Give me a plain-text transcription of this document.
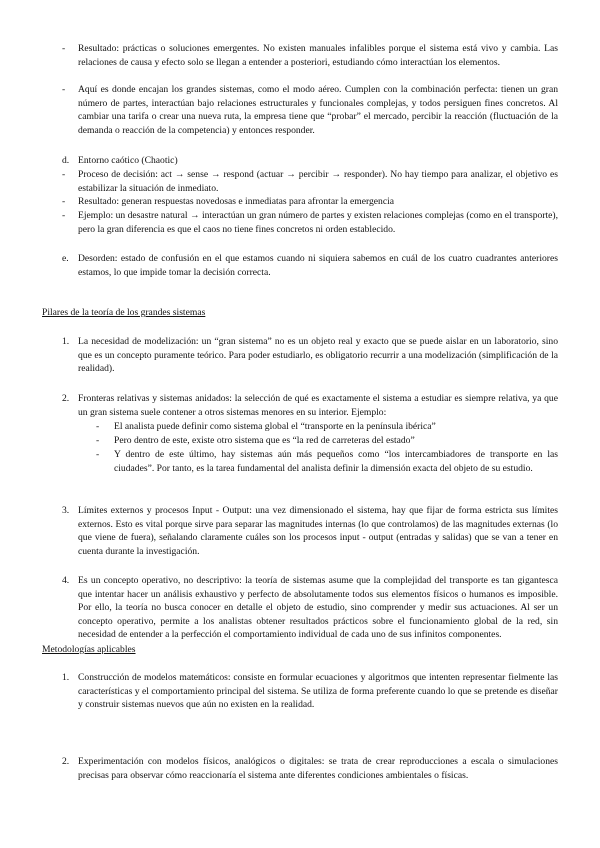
- Resultado: prácticas o soluciones emergentes. No existen manuales infalibles porque el sistema está vivo y cambia. Las relaciones de causa y efecto solo se llegan a entender a posteriori, estudiando cómo interactúan los elementos.
- Aquí es donde encajan los grandes sistemas, como el modo aéreo. Cumplen con la combinación perfecta: tienen un gran número de partes, interactúan bajo relaciones estructurales y funcionales complejas, y todos persiguen fines concretos. Al cambiar una tarifa o crear una nueva ruta, la empresa tiene que “probar” el mercado, percibir la reacción (fluctuación de la demanda o reacción de la competencia) y entonces responder.
d. Entorno caótico (Chaotic)
- Proceso de decisión: act → sense → respond (actuar → percibir → responder). No hay tiempo para analizar, el objetivo es estabilizar la situación de inmediato.
- Resultado: generan respuestas novedosas e inmediatas para afrontar la emergencia
- Ejemplo: un desastre natural → interactúan un gran número de partes y existen relaciones complejas (como en el transporte), pero la gran diferencia es que el caos no tiene fines concretos ni orden establecido.
e. Desorden: estado de confusión en el que estamos cuando ni siquiera sabemos en cuál de los cuatro cuadrantes anteriores estamos, lo que impide tomar la decisión correcta.
Pilares de la teoría de los grandes sistemas
1. La necesidad de modelización: un “gran sistema” no es un objeto real y exacto que se puede aislar en un laboratorio, sino que es un concepto puramente teórico. Para poder estudiarlo, es obligatorio recurrir a una modelización (simplificación de la realidad).
2. Fronteras relativas y sistemas anidados: la selección de qué es exactamente el sistema a estudiar es siempre relativa, ya que un gran sistema suele contener a otros sistemas menores en su interior. Ejemplo:
- El analista puede definir como sistema global el “transporte en la península ibérica”
- Pero dentro de este, existe otro sistema que es “la red de carreteras del estado”
- Y dentro de este último, hay sistemas aún más pequeños como “los intercambiadores de transporte en las ciudades”. Por tanto, es la tarea fundamental del analista definir la dimensión exacta del objeto de su estudio.
3. Límites externos y procesos Input - Output: una vez dimensionado el sistema, hay que fijar de forma estricta sus límites externos. Esto es vital porque sirve para separar las magnitudes internas (lo que controlamos) de las magnitudes externas (lo que viene de fuera), señalando claramente cuáles son los procesos input - output (entradas y salidas) que se van a tener en cuenta durante la investigación.
4. Es un concepto operativo, no descriptivo: la teoría de sistemas asume que la complejidad del transporte es tan gigantesca que intentar hacer un análisis exhaustivo y perfecto de absolutamente todos sus elementos físicos o humanos es imposible. Por ello, la teoría no busca conocer en detalle el objeto de estudio, sino comprender y medir sus actuaciones. Al ser un concepto operativo, permite a los analistas obtener resultados prácticos sobre el funcionamiento global de la red, sin necesidad de entender a la perfección el comportamiento individual de cada uno de sus infinitos componentes.
Metodologías aplicables
1. Construcción de modelos matemáticos: consiste en formular ecuaciones y algoritmos que intenten representar fielmente las características y el comportamiento principal del sistema. Se utiliza de forma preferente cuando lo que se pretende es diseñar y construir sistemas nuevos que aún no existen en la realidad.
2. Experimentación con modelos físicos, analógicos o digitales: se trata de crear reproducciones a escala o simulaciones precisas para observar cómo reaccionaría el sistema ante diferentes condiciones ambientales o físicas.
